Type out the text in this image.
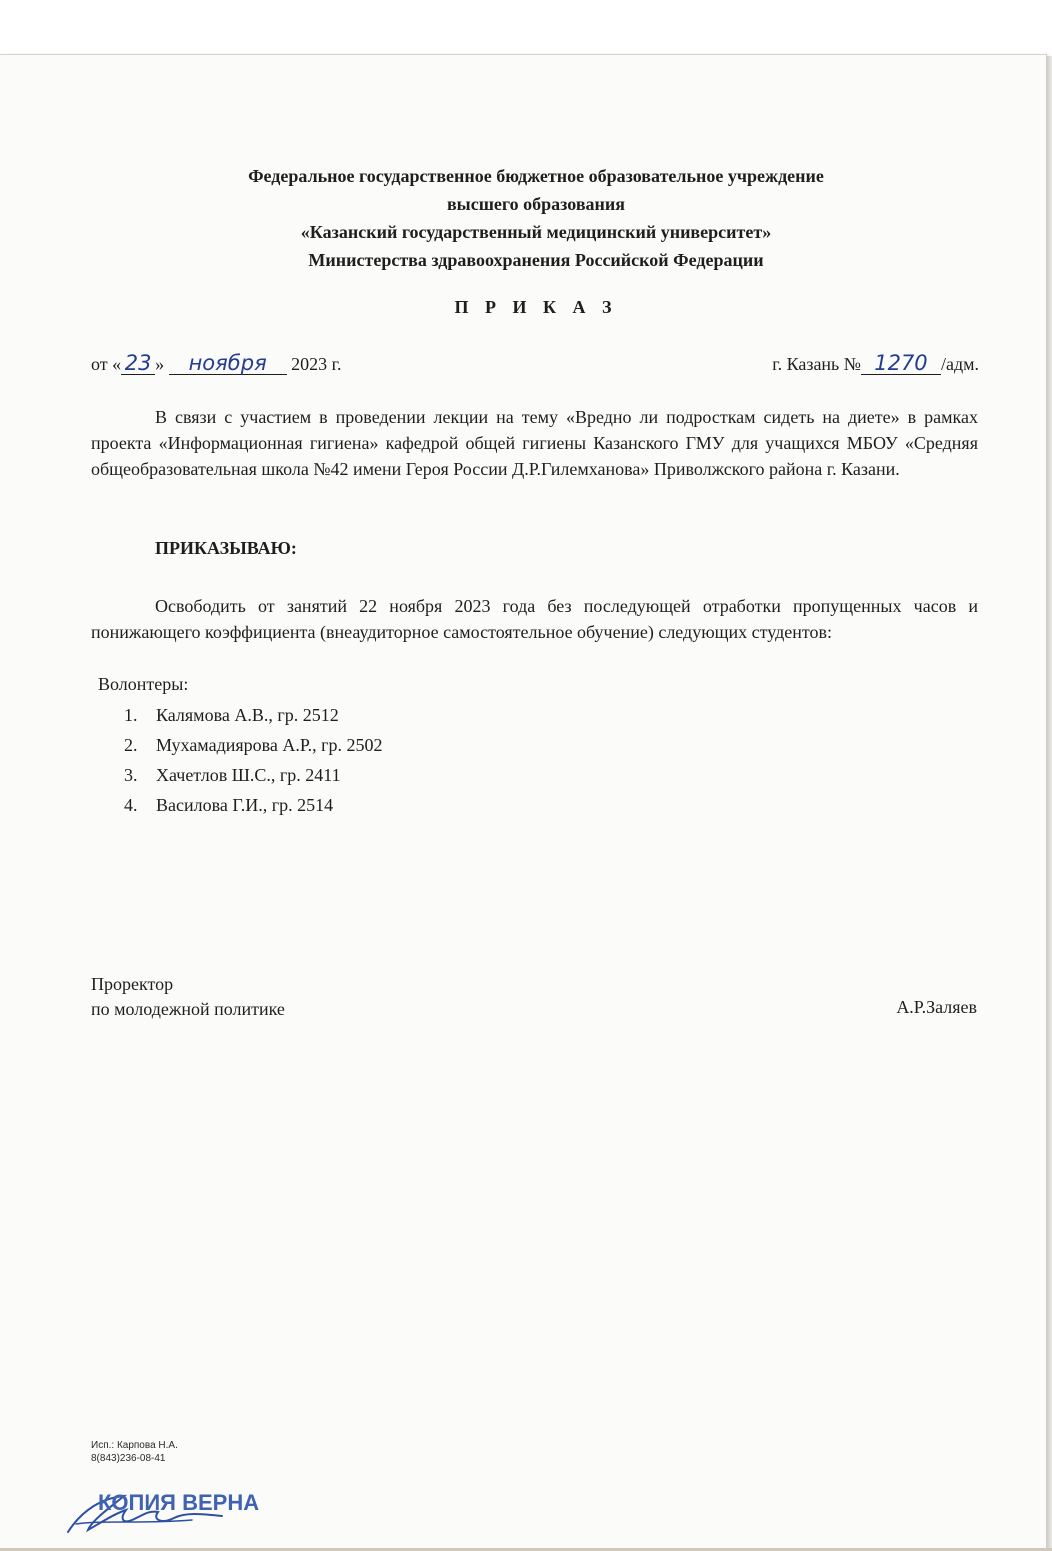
Федеральное государственное бюджетное образовательное учреждение
высшего образования
«Казанский государственный медицинский университет»
Министерства здравоохранения Российской Федерации
П Р И К А З
от « 23 » ноября 2023 г.	г. Казань № 1270 /адм.
В связи с участием в проведении лекции на тему «Вредно ли подросткам сидеть на диете» в рамках проекта «Информационная гигиена» кафедрой общей гигиены Казанского ГМУ для учащихся МБОУ «Средняя общеобразовательная школа №42 имени Героя России Д.Р.Гилемханова» Приволжского района г. Казани.
ПРИКАЗЫВАЮ:
Освободить от занятий 22 ноября 2023 года без последующей отработки пропущенных часов и понижающего коэффициента (внеаудиторное самостоятельное обучение) следующих студентов:
Волонтеры:
1.	Калямова А.В., гр. 2512
2.	Мухамадиярова А.Р., гр. 2502
3.	Хачетлов Ш.С., гр. 2411
4.	Василова Г.И., гр. 2514
Проректор
по молодежной политике	А.Р.Заляев
Исп.: Карпова Н.А.
8(843)236-08-41
КОПИЯ ВЕРНА
